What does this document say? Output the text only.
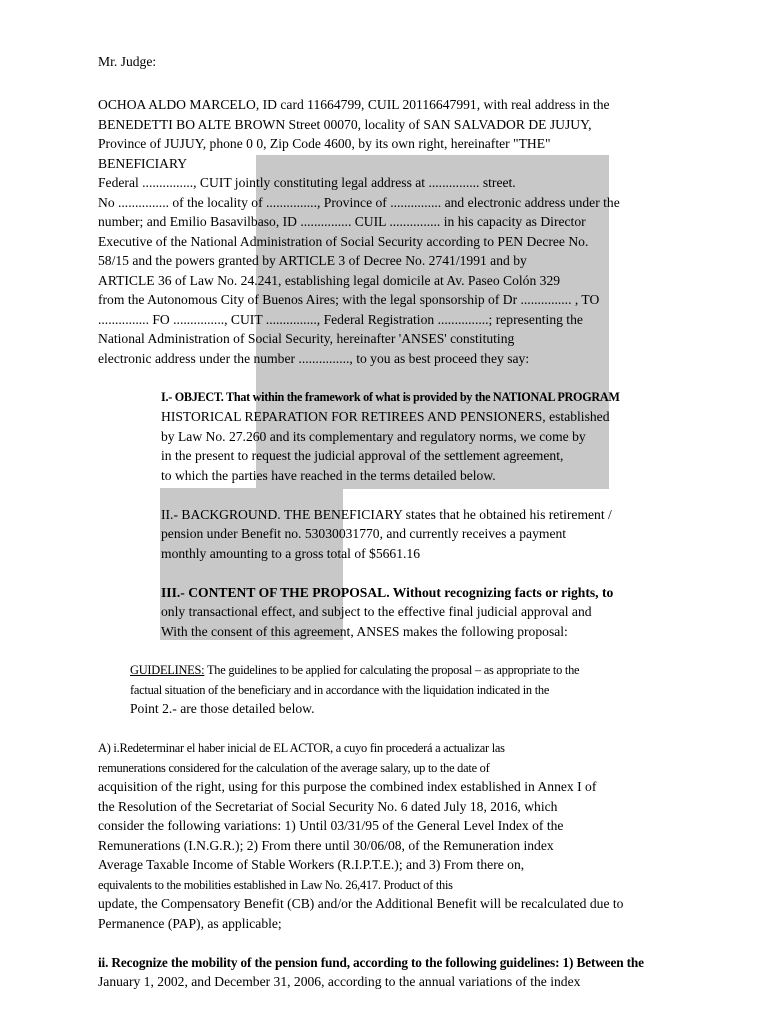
Mr. Judge:
OCHOA ALDO MARCELO, ID card 11664799, CUIL 20116647991, with real address in the
BENEDETTI BO ALTE BROWN Street 00070, locality of SAN SALVADOR DE JUJUY,
Province of JUJUY, phone 0 0, Zip Code 4600, by its own right, hereinafter "THE"
BENEFICIARY
Federal ..............., CUIT jointly constituting legal address at ............... street.
No ............... of the locality of ..............., Province of ............... and electronic address under the
number; and Emilio Basavilbaso, ID ............... CUIL ............... in his capacity as Director
Executive of the National Administration of Social Security according to PEN Decree No.
58/15 and the powers granted by ARTICLE 3 of Decree No. 2741/1991 and by
ARTICLE 36 of Law No. 24.241, establishing legal domicile at Av. Paseo Colón 329
from the Autonomous City of Buenos Aires; with the legal sponsorship of Dr ............... , TO
............... FO ..............., CUIT ..............., Federal Registration ...............; representing the
National Administration of Social Security, hereinafter 'ANSES' constituting
electronic address under the number ..............., to you as best proceed they say:
I.- OBJECT. That within the framework of what is provided by the NATIONAL PROGRAM
HISTORICAL REPARATION FOR RETIREES AND PENSIONERS, established
by Law No. 27.260 and its complementary and regulatory norms, we come by
in the present to request the judicial approval of the settlement agreement,
to which the parties have reached in the terms detailed below.
II.- BACKGROUND. THE BENEFICIARY states that he obtained his retirement /
pension under Benefit no. 53030031770, and currently receives a payment
monthly amounting to a gross total of $5661.16
III.- CONTENT OF THE PROPOSAL. Without recognizing facts or rights, to
only transactional effect, and subject to the effective final judicial approval and
With the consent of this agreement, ANSES makes the following proposal:
GUIDELINES: The guidelines to be applied for calculating the proposal – as appropriate to the
factual situation of the beneficiary and in accordance with the liquidation indicated in the
Point 2.- are those detailed below.
A) i.Redeterminar el haber inicial de EL ACTOR, a cuyo fin procederá a actualizar las
remunerations considered for the calculation of the average salary, up to the date of
acquisition of the right, using for this purpose the combined index established in Annex I of
the Resolution of the Secretariat of Social Security No. 6 dated July 18, 2016, which
consider the following variations: 1) Until 03/31/95 of the General Level Index of the
Remunerations (I.N.G.R.); 2) From there until 30/06/08, of the Remuneration index
Average Taxable Income of Stable Workers (R.I.P.T.E.); and 3) From there on,
equivalents to the mobilities established in Law No. 26,417. Product of this
update, the Compensatory Benefit (CB) and/or the Additional Benefit will be recalculated due to
Permanence (PAP), as applicable;
ii. Recognize the mobility of the pension fund, according to the following guidelines: 1) Between the
January 1, 2002, and December 31, 2006, according to the annual variations of the index
